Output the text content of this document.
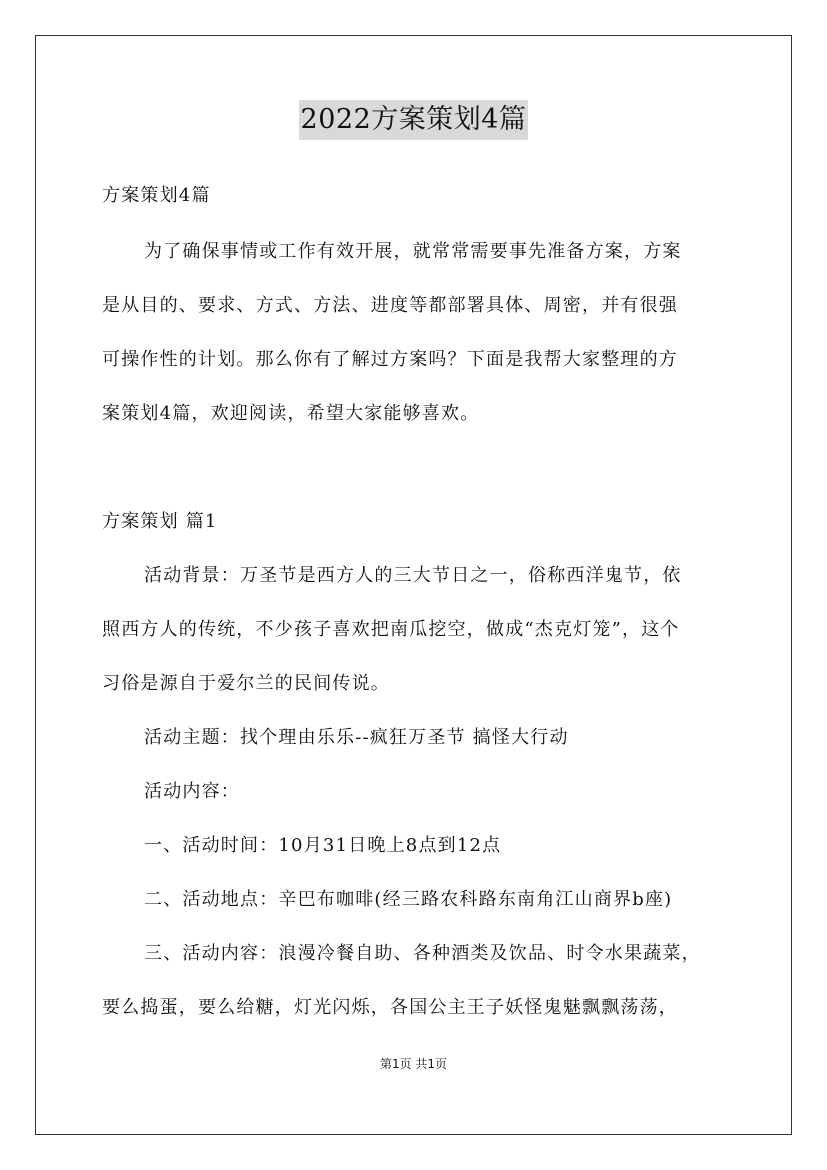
2022方案策划4篇
方案策划4篇
为了确保事情或工作有效开展，就常常需要事先准备方案，方案
是从目的、要求、方式、方法、进度等都部署具体、周密，并有很强
可操作性的计划。那么你有了解过方案吗？下面是我帮大家整理的方
案策划4篇，欢迎阅读，希望大家能够喜欢。
方案策划 篇1
活动背景：万圣节是西方人的三大节日之一，俗称西洋鬼节，依
照西方人的传统，不少孩子喜欢把南瓜挖空，做成“杰克灯笼”，这个
习俗是源自于爱尔兰的民间传说。
活动主题：找个理由乐乐--疯狂万圣节 搞怪大行动
活动内容：
一、活动时间：10月31日晚上8点到12点
二、活动地点：辛巴布咖啡(经三路农科路东南角江山商界b座)
三、活动内容：浪漫冷餐自助、各种酒类及饮品、时令水果蔬菜，
要么捣蛋，要么给糖，灯光闪烁，各国公主王子妖怪鬼魅飘飘荡荡，
第1页 共1页
